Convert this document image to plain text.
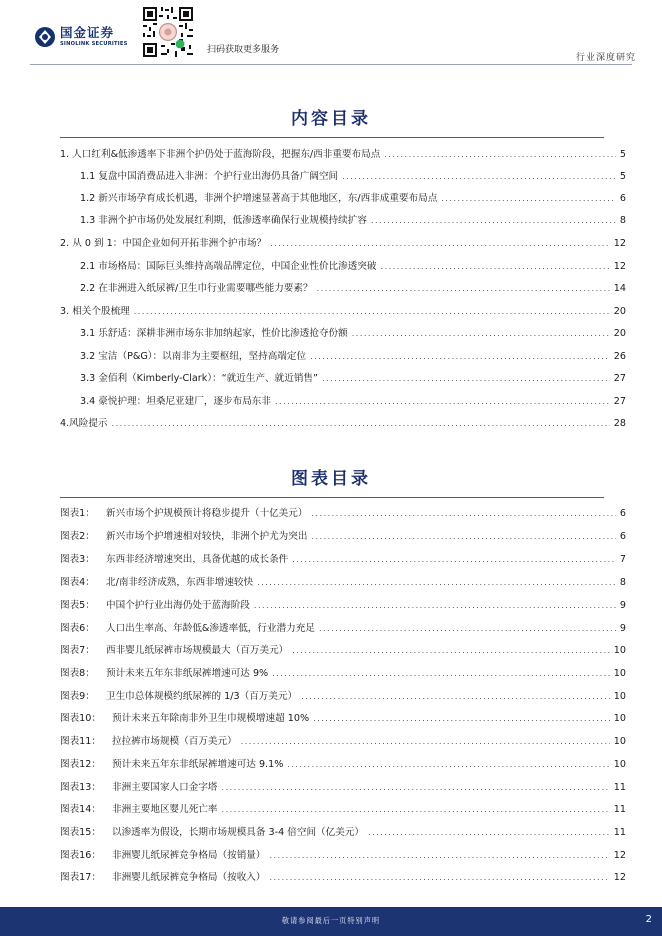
国金证券
SINOLINK SECURITIES
扫码获取更多服务
行业深度研究
内容目录
1. 人口红利&低渗透率下非洲个护仍处于蓝海阶段，把握东/西非重要布局点 .....	5
1.1 复盘中国消费品进入非洲：个护行业出海仍具备广阔空间 .....	5
1.2 新兴市场孕育成长机遇，非洲个护增速显著高于其他地区，东/西非成重要布局点 .....	6
1.3 非洲个护市场仍处发展红利期，低渗透率确保行业规模持续扩容 .....	8
2. 从 0 到 1：中国企业如何开拓非洲个护市场？ .....	12
2.1 市场格局：国际巨头维持高端品牌定位，中国企业性价比渗透突破 .....	12
2.2 在非洲进入纸尿裤/卫生巾行业需要哪些能力要素？ .....	14
3. 相关个股梳理 .....	20
3.1 乐舒适：深耕非洲市场东非加纳起家，性价比渗透抢夺份额 .....	20
3.2 宝洁（P&G）：以南非为主要枢纽，坚持高端定位 .....	26
3.3 金佰利（Kimberly-Clark）：“就近生产、就近销售” .....	27
3.4 豪悦护理：坦桑尼亚建厂，逐步布局东非 .....	27
4.风险提示 .....	28
图表目录
图表1：	新兴市场个护规模预计将稳步提升（十亿美元） .....	6
图表2：	新兴市场个护增速相对较快，非洲个护尤为突出 .....	6
图表3：	东西非经济增速突出，具备优越的成长条件 .....	7
图表4：	北/南非经济成熟，东西非增速较快 .....	8
图表5：	中国个护行业出海仍处于蓝海阶段 .....	9
图表6：	人口出生率高、年龄低&渗透率低，行业潜力充足 .....	9
图表7：	西非婴儿纸尿裤市场规模最大（百万美元） .....	10
图表8：	预计未来五年东非纸尿裤增速可达 9% .....	10
图表9：	卫生巾总体规模约纸尿裤的 1/3（百万美元） .....	10
图表10：	预计未来五年除南非外卫生巾规模增速超 10% .....	10
图表11：	拉拉裤市场规模（百万美元） .....	10
图表12：	预计未来五年东非纸尿裤增速可达 9.1% .....	10
图表13：	非洲主要国家人口金字塔 .....	11
图表14：	非洲主要地区婴儿死亡率 .....	11
图表15：	以渗透率为假设，长期市场规模具备 3-4 倍空间（亿美元） .....	11
图表16：	非洲婴儿纸尿裤竞争格局（按销量） .....	12
图表17：	非洲婴儿纸尿裤竞争格局（按收入） .....	12
敬请参阅最后一页特别声明	2
